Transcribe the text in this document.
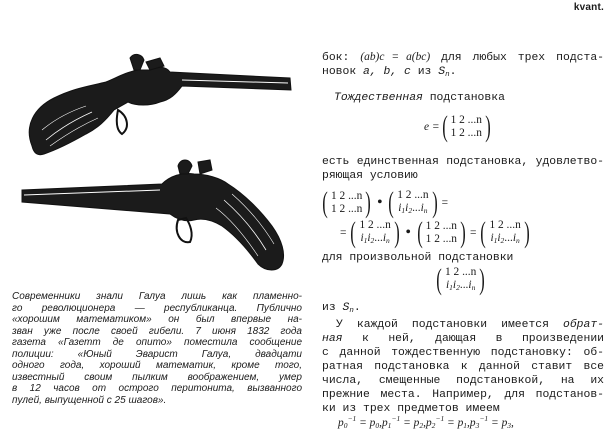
kvant.
Современники знали Галуа лишь как пламенно-
го революционера — республиканца. Публично
«хорошим математиком» он был впервые на-
зван уже после своей гибели. 7 июня 1832 года
газета «Газетт де опито» поместила сообщение
полиции: «Юный Эварист Галуа, двадцати
одного года, хороший математик, кроме того,
известный своим пылким воображением, умер
в 12 часов от острого перитонита, вызванного
пулей, выпущенной с 25 шагов».
бок: (ab)c = a(bc) для любых трех подста-
новок a, b, c из $S_n$.
Тождественная подстановка
e = ( 1 2 ...n
1 2 ...n )
есть единственная подстановка, удовлетво-
ряющая условию
( 1 2 ...n
1 2 ...n ) • ( 1 2 ...n
$i_1i_2...i_n$ ) =
= ( 1 2 ...n
$i_1i_2...i_n$ ) • ( 1 2 ...n
1 2 ...n ) = ( 1 2 ...n
$i_1i_2...i_n$ )
для произвольной подстановки
( 1 2 ...n
$i_1i_2...i_n$ )
из $S_n$.
У каждой подстановки имеется обрат-
ная к ней, дающая в произведении
с данной тождественную подстановку: об-
ратная подстановка к данной ставит все
числа, смещенные подстановкой, на их
прежние места. Например, для подстанов-
ки из трех предметов имеем
$p_0^{-1} = p_0$, $p_1^{-1} = p_2$, $p_2^{-1} = p_1$, $p_3^{-1} = p_3$,
